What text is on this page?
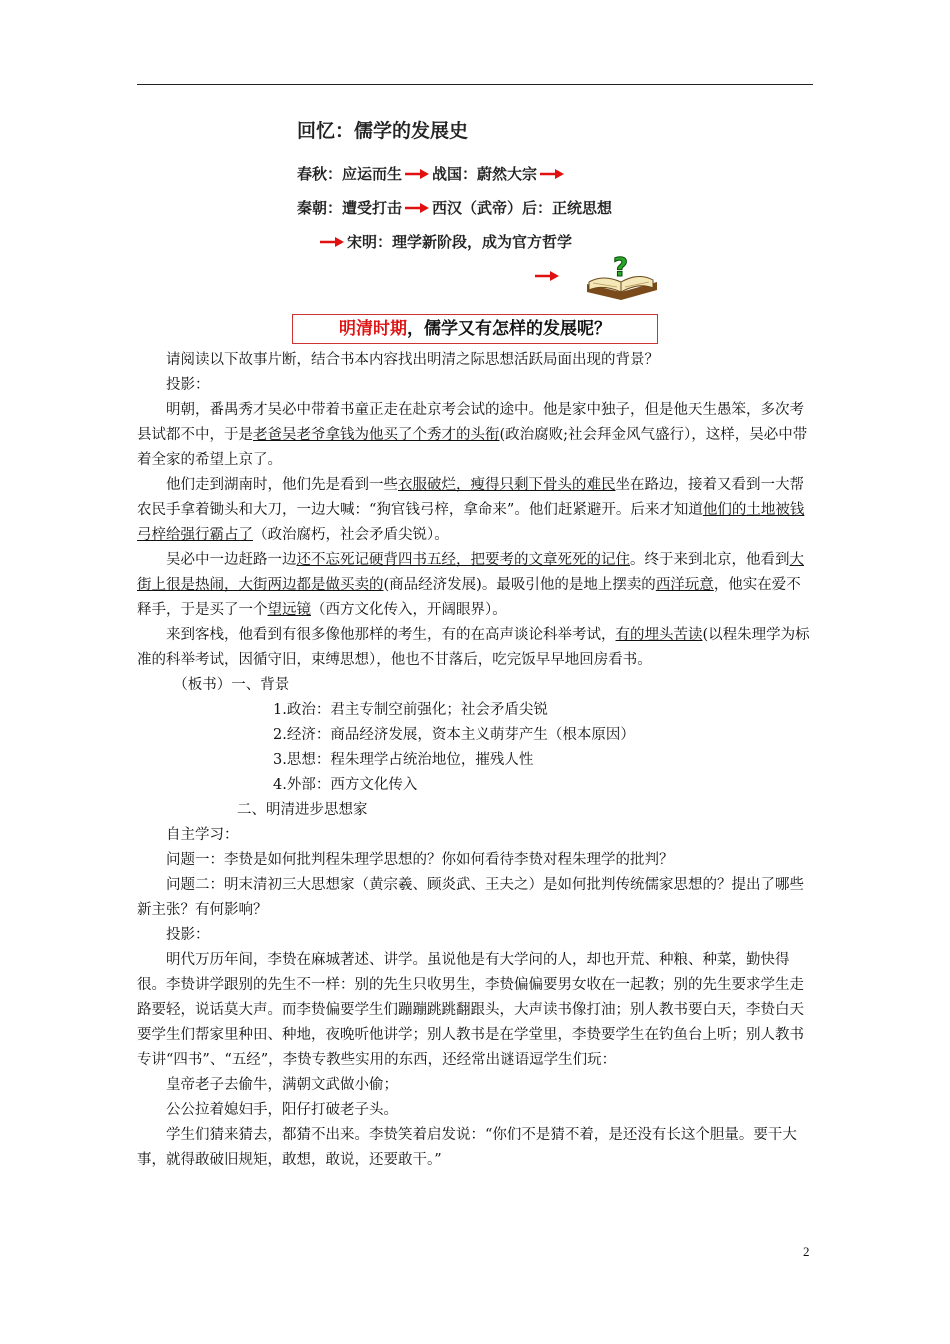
回忆：儒学的发展史
春秋：应运而生 战国：蔚然大宗
秦朝：遭受打击 西汉（武帝）后：正统思想
宋明：理学新阶段，成为官方哲学
?
明清时期，儒学又有怎样的发展呢？

请阅读以下故事片断，结合书本内容找出明清之际思想活跃局面出现的背景？

投影：

明朝，番禺秀才吴必中带着书童正走在赴京考会试的途中。他是家中独子，但是他天生愚笨，多次考县试都不中，于是老爸吴老爷拿钱为他买了个秀才的头衔(政治腐败;社会拜金风气盛行），这样，吴必中带着全家的希望上京了。

他们走到湖南时，他们先是看到一些衣服破烂，瘦得只剩下骨头的难民坐在路边，接着又看到一大帮农民手拿着锄头和大刀，一边大喊：“狗官钱弓梓，拿命来”。他们赶紧避开。后来才知道他们的土地被钱弓梓给强行霸占了（政治腐朽，社会矛盾尖锐）。

吴必中一边赶路一边还不忘死记硬背四书五经，把要考的文章死死的记住。终于来到北京，他看到大街上很是热闹，大街两边都是做买卖的(商品经济发展)。最吸引他的是地上摆卖的西洋玩意，他实在爱不释手，于是买了一个望远镜（西方文化传入，开阔眼界）。

来到客栈，他看到有很多像他那样的考生，有的在高声谈论科举考试，有的埋头苦读(以程朱理学为标准的科举考试，因循守旧，束缚思想），他也不甘落后，吃完饭早早地回房看书。

（板书）一、背景

1.政治：君主专制空前强化；社会矛盾尖锐

2.经济：商品经济发展，资本主义萌芽产生（根本原因）

3.思想：程朱理学占统治地位，摧残人性

4.外部：西方文化传入

二、明清进步思想家

自主学习：

问题一：李贽是如何批判程朱理学思想的？你如何看待李贽对程朱理学的批判？

问题二：明末清初三大思想家（黄宗羲、顾炎武、王夫之）是如何批判传统儒家思想的？提出了哪些新主张？有何影响？

投影：

明代万历年间，李贽在麻城著述、讲学。虽说他是有大学问的人，却也开荒、种粮、种菜，勤快得很。李贽讲学跟别的先生不一样：别的先生只收男生，李贽偏偏要男女收在一起教；别的先生要求学生走路要轻，说话莫大声。而李贽偏要学生们蹦蹦跳跳翻跟头，大声读书像打油；别人教书要白天，李贽白天要学生们帮家里种田、种地，夜晚听他讲学；别人教书是在学堂里，李贽要学生在钓鱼台上听；别人教书专讲“四书”、“五经”，李贽专教些实用的东西，还经常出谜语逗学生们玩：

皇帝老子去偷牛，满朝文武做小偷；

公公拉着媳妇手，阳仔打破老子头。

学生们猜来猜去，都猜不出来。李贽笑着启发说：“你们不是猜不着，是还没有长这个胆量。要干大事，就得敢破旧规矩，敢想，敢说，还要敢干。”

2
